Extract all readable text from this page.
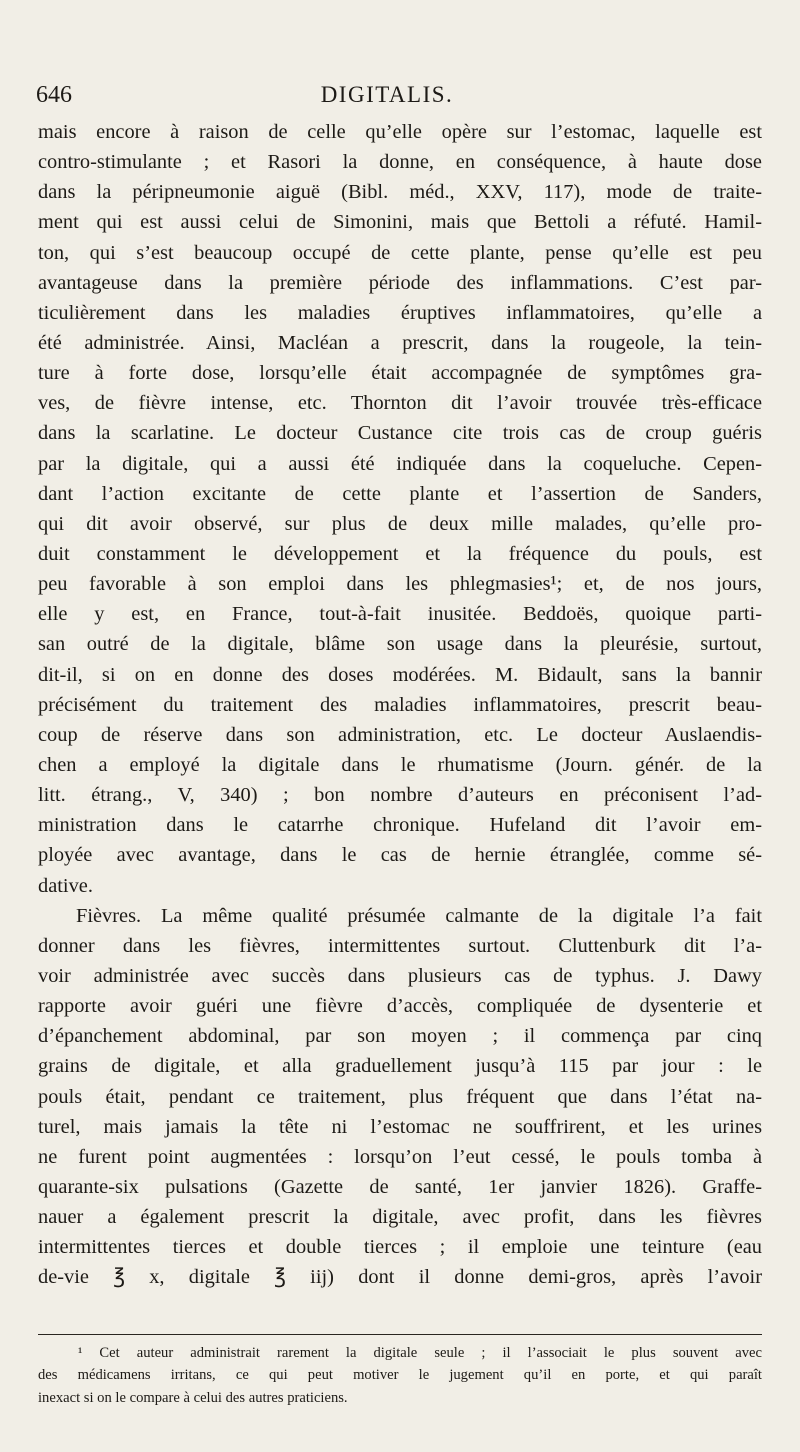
646	DIGITALIS.
mais encore à raison de celle qu’elle opère sur l’estomac, laquelle est
contro-stimulante ; et Rasori la donne, en conséquence, à haute dose
dans la péripneumonie aiguë (Bibl. méd., XXV, 117), mode de traite-
ment qui est aussi celui de Simonini, mais que Bettoli a réfuté. Hamil-
ton, qui s’est beaucoup occupé de cette plante, pense qu’elle est peu
avantageuse dans la première période des inflammations. C’est par-
ticulièrement dans les maladies éruptives inflammatoires, qu’elle a
été administrée. Ainsi, Macléan a prescrit, dans la rougeole, la tein-
ture à forte dose, lorsqu’elle était accompagnée de symptômes gra-
ves, de fièvre intense, etc. Thornton dit l’avoir trouvée très-efficace
dans la scarlatine. Le docteur Custance cite trois cas de croup guéris
par la digitale, qui a aussi été indiquée dans la coqueluche. Cepen-
dant l’action excitante de cette plante et l’assertion de Sanders,
qui dit avoir observé, sur plus de deux mille malades, qu’elle pro-
duit constamment le développement et la fréquence du pouls, est
peu favorable à son emploi dans les phlegmasies¹; et, de nos jours,
elle y est, en France, tout-à-fait inusitée. Beddoës, quoique parti-
san outré de la digitale, blâme son usage dans la pleurésie, surtout,
dit-il, si on en donne des doses modérées. M. Bidault, sans la bannir
précisément du traitement des maladies inflammatoires, prescrit beau-
coup de réserve dans son administration, etc. Le docteur Auslaendis-
chen a employé la digitale dans le rhumatisme (Journ. génér. de la
litt. étrang., V, 340) ; bon nombre d’auteurs en préconisent l’ad-
ministration dans le catarrhe chronique. Hufeland dit l’avoir em-
ployée avec avantage, dans le cas de hernie étranglée, comme sé-
dative.
Fièvres. La même qualité présumée calmante de la digitale l’a fait
donner dans les fièvres, intermittentes surtout. Cluttenburk dit l’a-
voir administrée avec succès dans plusieurs cas de typhus. J. Dawy
rapporte avoir guéri une fièvre d’accès, compliquée de dysenterie et
d’épanchement abdominal, par son moyen ; il commença par cinq
grains de digitale, et alla graduellement jusqu’à 115 par jour : le
pouls était, pendant ce traitement, plus fréquent que dans l’état na-
turel, mais jamais la tête ni l’estomac ne souffrirent, et les urines
ne furent point augmentées : lorsqu’on l’eut cessé, le pouls tomba à
quarante-six pulsations (Gazette de santé, 1er janvier 1826). Graffe-
nauer a également prescrit la digitale, avec profit, dans les fièvres
intermittentes tierces et double tierces ; il emploie une teinture (eau
de-vie ℥ x, digitale ℥ iij) dont il donne demi-gros, après l’avoir
¹ Cet auteur administrait rarement la digitale seule ; il l’associait le plus souvent avec
des médicamens irritans, ce qui peut motiver le jugement qu’il en porte, et qui paraît
inexact si on le compare à celui des autres praticiens.
